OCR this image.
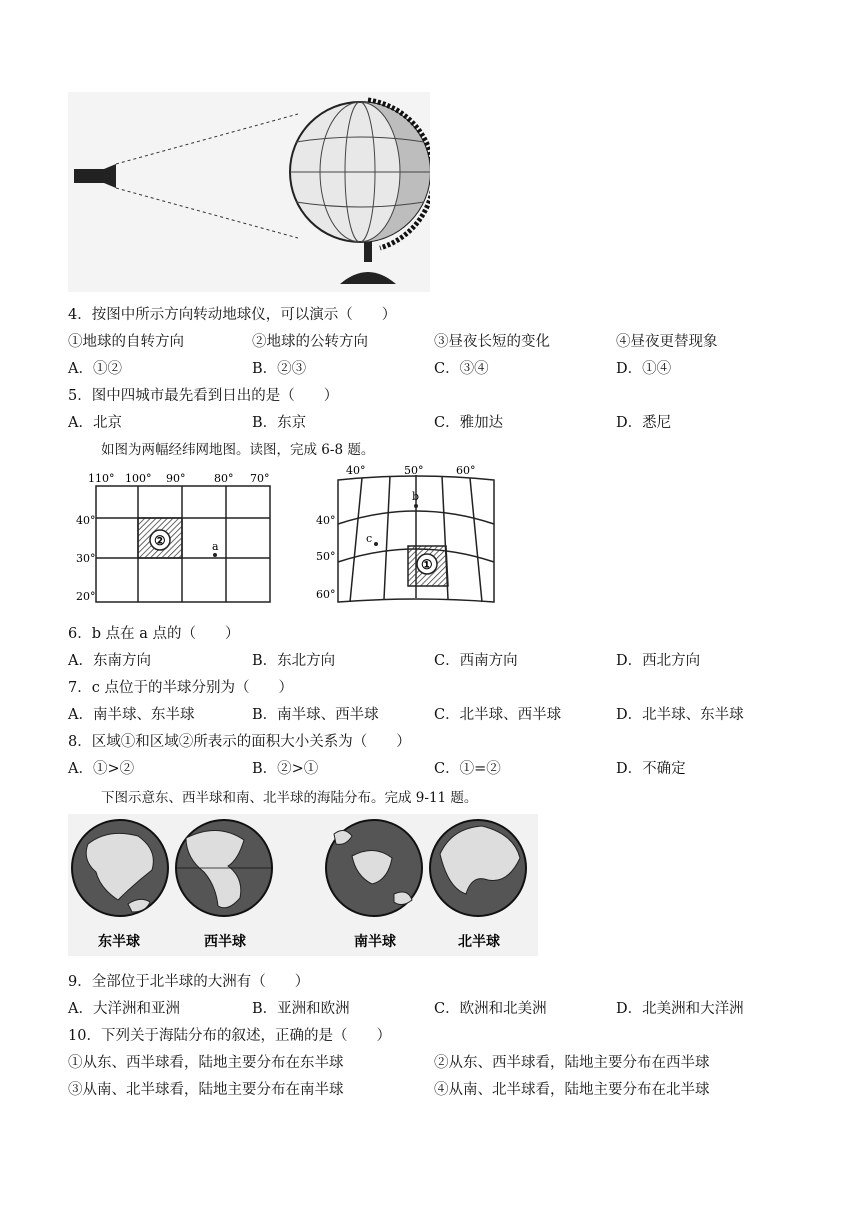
4．按图中所示方向转动地球仪，可以演示（　　）
①地球的自转方向	②地球的公转方向	③昼夜长短的变化	④昼夜更替现象
A．①②	B．②③	C．③④	D．①④
5．图中四城市最先看到日出的是（　　）
A．北京	B．东京	C．雅加达	D．悉尼
如图为两幅经纬网地图。读图，完成 6-8 题。
110° 100° 90°	80° 70°
40°
30°
20°
②	a
40°	50°	60°
40°
50°
60°
①
b
c
6．b 点在 a 点的（　　）
A．东南方向	B．东北方向	C．西南方向	D．西北方向
7．c 点位于的半球分别为（　　）
A．南半球、东半球	B．南半球、西半球	C．北半球、西半球	D．北半球、东半球
8．区域①和区域②所表示的面积大小关系为（　　）
A．①>②	B．②>①	C．①=②	D．不确定
下图示意东、西半球和南、北半球的海陆分布。完成 9-11 题。
东半球	西半球	南半球	北半球
9．全部位于北半球的大洲有（　　）
A．大洋洲和亚洲	B．亚洲和欧洲	C．欧洲和北美洲	D．北美洲和大洋洲
10．下列关于海陆分布的叙述，正确的是（　　）
①从东、西半球看，陆地主要分布在东半球	②从东、西半球看，陆地主要分布在西半球
③从南、北半球看，陆地主要分布在南半球	④从南、北半球看，陆地主要分布在北半球
